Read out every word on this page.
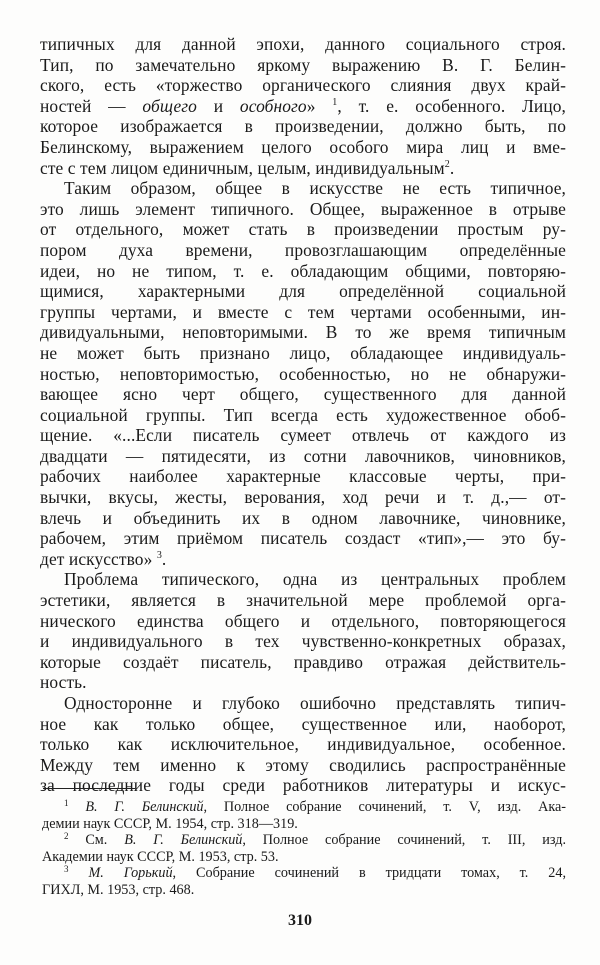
типичных для данной эпохи, данного социального строя.
Тип, по замечательно яркому выражению В. Г. Белин-
ского, есть «торжество органического слияния двух край-
ностей — общего и особного» $^1$, т. е. особенного. Лицо,
которое изображается в произведении, должно быть, по
Белинскому, выражением целого особого мира лиц и вме-
сте с тем лицом единичным, целым, индивидуальным$^2$.
Таким образом, общее в искусстве не есть типичное,
это лишь элемент типичного. Общее, выраженное в отрыве
от отдельного, может стать в произведении простым ру-
пором духа времени, провозглашающим определённые
идеи, но не типом, т. е. обладающим общими, повторяю-
щимися, характерными для определённой социальной
группы чертами, и вместе с тем чертами особенными, ин-
дивидуальными, неповторимыми. В то же время типичным
не может быть признано лицо, обладающее индивидуаль-
ностью, неповторимостью, особенностью, но не обнаружи-
вающее ясно черт общего, существенного для данной
социальной группы. Тип всегда есть художественное обоб-
щение. «...Если писатель сумеет отвлечь от каждого из
двадцати — пятидесяти, из сотни лавочников, чиновников,
рабочих наиболее характерные классовые черты, при-
вычки, вкусы, жесты, верования, ход речи и т. д.,— от-
влечь и объединить их в одном лавочнике, чиновнике,
рабочем, этим приёмом писатель создаст «тип»,— это бу-
дет искусство» $^3$.
Проблема типического, одна из центральных проблем
эстетики, является в значительной мере проблемой орга-
нического единства общего и отдельного, повторяющегося
и индивидуального в тех чувственно-конкретных образах,
которые создаёт писатель, правдиво отражая действитель-
ность.
Односторонне и глубоко ошибочно представлять типич-
ное как только общее, существенное или, наоборот,
только как исключительное, индивидуальное, особенное.
Между тем именно к этому сводились распространённые
за последние годы среди работников литературы и искус-
$^1$ В. Г. Белинский, Полное собрание сочинений, т. V, изд. Ака-
демии наук СССР, М. 1954, стр. 318—319.
$^2$ См. В. Г. Белинский, Полное собрание сочинений, т. III, изд.
Академии наук СССР, М. 1953, стр. 53.
$^3$ М. Горький, Собрание сочинений в тридцати томах, т. 24,
ГИХЛ, М. 1953, стр. 468.
310
